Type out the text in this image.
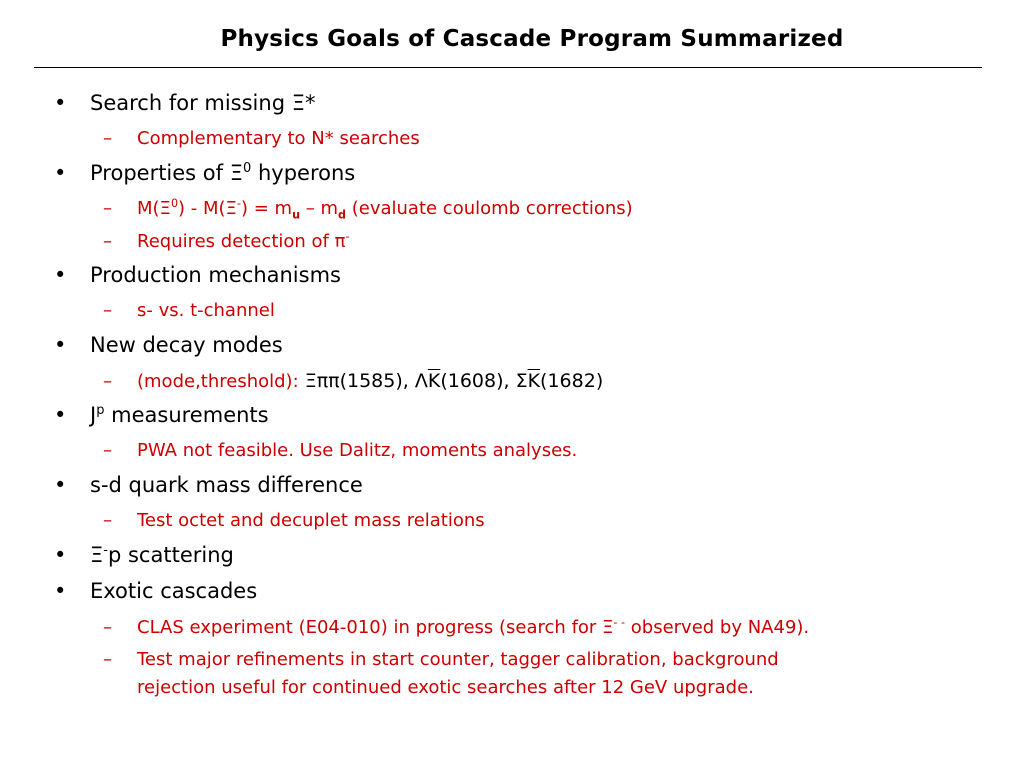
Physics Goals of Cascade Program Summarized
• Search for missing Ξ*
– Complementary to N* searches
• Properties of $\Xi^0$ hyperons
– $M(\Xi^0) - M(\Xi^-) = m_u - m_d$ (evaluate coulomb corrections)
– Requires detection of π-
• Production mechanisms
– s- vs. t-channel
• New decay modes
– (mode,threshold): Ξππ(1585), $\Lambda\overline{K}(1608)$, $\Sigma\overline{K}(1682)$
• $J^p$ measurements
– PWA not feasible. Use Dalitz, moments analyses.
• s-d quark mass difference
– Test octet and decuplet mass relations
• Ξ-p scattering
• Exotic cascades
– CLAS experiment (E04-010) in progress (search for Ξ- - observed by NA49).
– Test major refinements in start counter, tagger calibration, background
rejection useful for continued exotic searches after 12 GeV upgrade.
